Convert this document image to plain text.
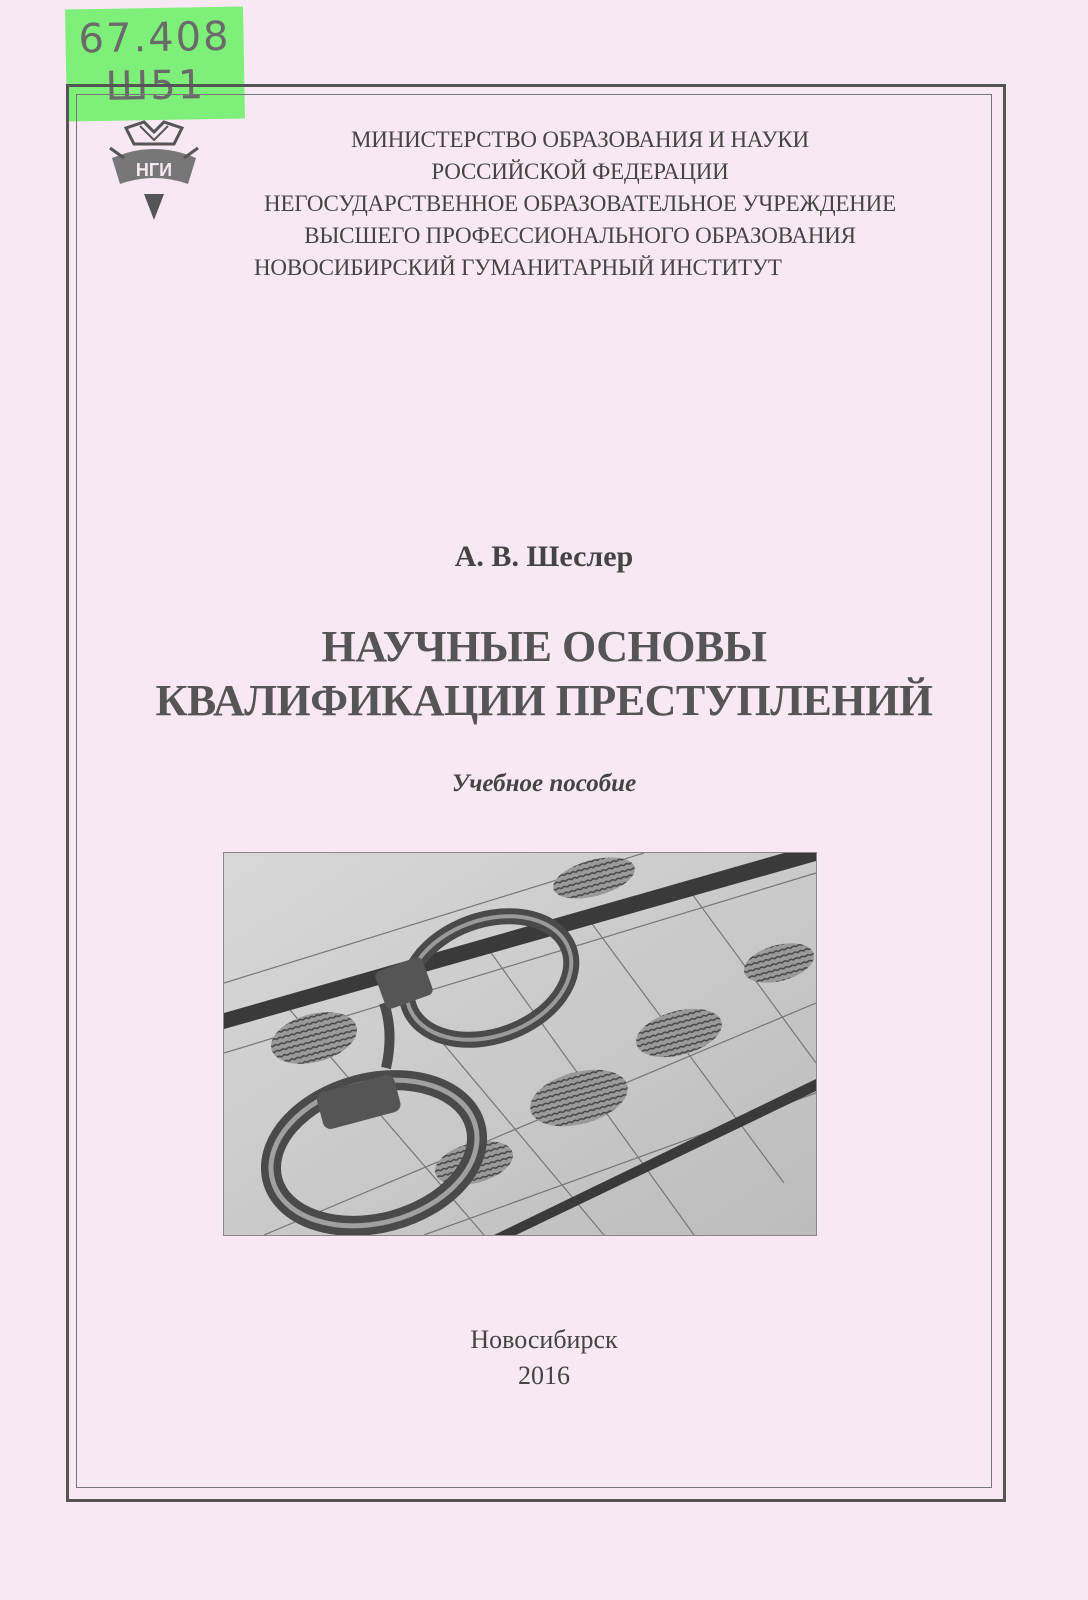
67.408
Ш51
НГИ
МИНИСТЕРСТВО ОБРАЗОВАНИЯ И НАУКИ
РОССИЙСКОЙ ФЕДЕРАЦИИ
НЕГОСУДАРСТВЕННОЕ ОБРАЗОВАТЕЛЬНОЕ УЧРЕЖДЕНИЕ
ВЫСШЕГО ПРОФЕССИОНАЛЬНОГО ОБРАЗОВАНИЯ
НОВОСИБИРСКИЙ ГУМАНИТАРНЫЙ ИНСТИТУТ
А. В. Шеслер
НАУЧНЫЕ ОСНОВЫ
КВАЛИФИКАЦИИ ПРЕСТУПЛЕНИЙ
Учебное пособие
Новосибирск
2016
